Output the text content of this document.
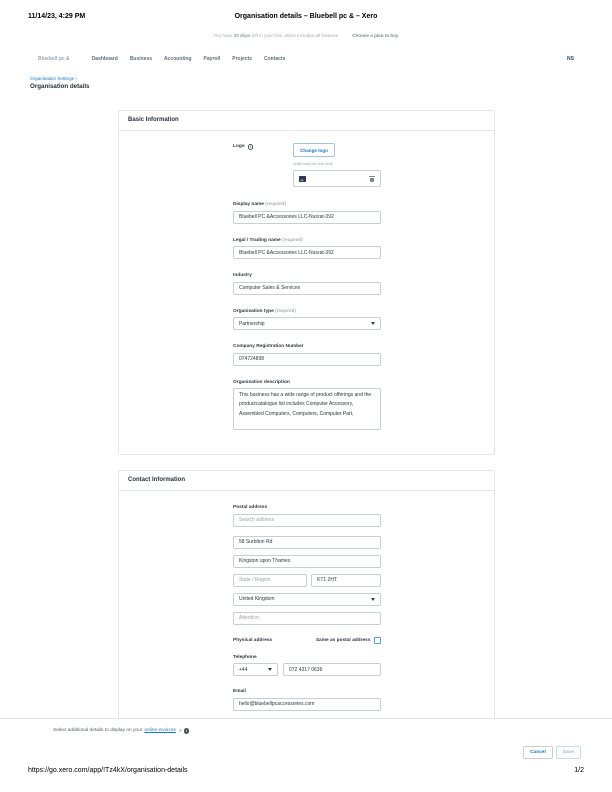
11/14/23, 4:29 PM	Organisation details – Bluebell pc & – Xero
You have 30 days left in your trial, which includes all features	Choose a plan to buy
Bluebell pc &	Dashboard Business Accounting Payroll Projects Contacts	NS
Organisation Settings ›
Organisation details
Basic Information
Logo	i
Change logo
1MB total file size limit
Display name (required)
Bluebell PC &Accessories LLC-Nusrat-392
Legal / Trading name (required)
Bluebell PC &Accessories LLC-Nusrat-392
Industry
Computer Sales & Services
Organisation type (required)
Partnership
Company Registration Number
074724898
Organisation description
This business has a wide range of product offerings and the productcatalogue list includes Computer Accessory, Assembled Computers, Computers, Computer Part,
Contact Information
Postal address
Search address
58 Surbiton Rd
Kingston upon Thames
State / Region
KT1 2HT
United Kingdom
Attention
Physical address	Same as postal address
Telephone
+44
072 4317 0636
Email
hello@bluebellpcaccessories.com
Select additional details to display on your online invoices ↗	i
Cancel	Save
https://go.xero.com/app/!Tz4kX/organisation-details	1/2
